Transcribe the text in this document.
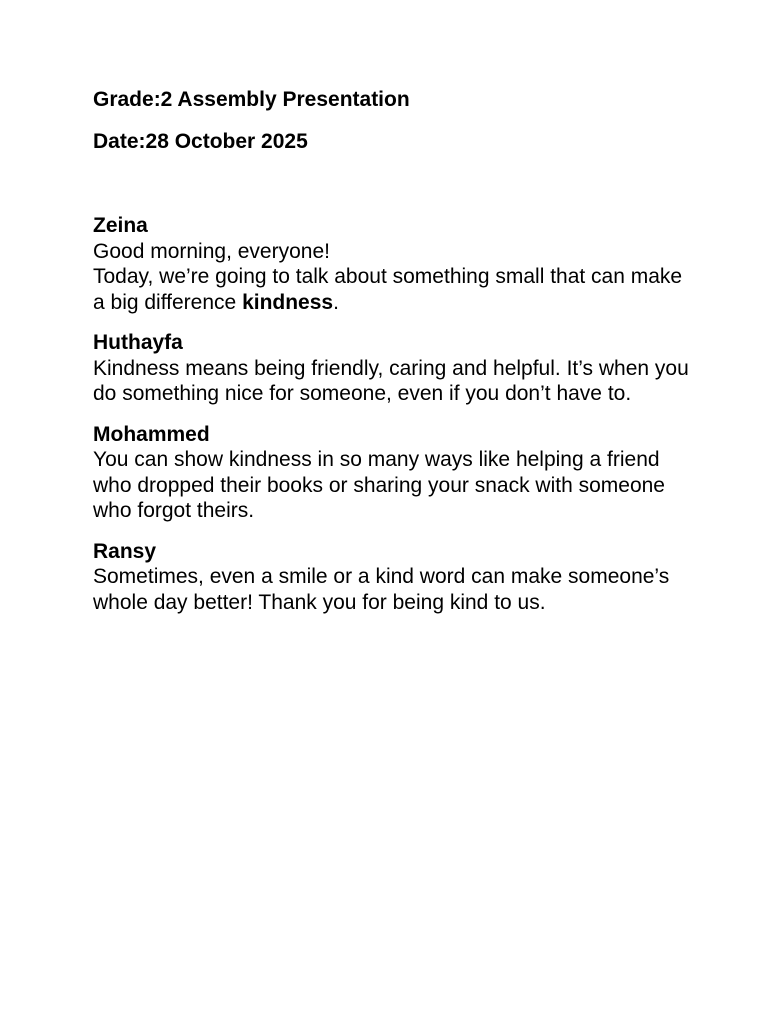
Grade:2 Assembly Presentation

Date:28 October 2025

Zeina

Good morning, everyone!

Today, we’re going to talk about something small that can make a big difference kindness.

Huthayfa

Kindness means being friendly, caring and helpful. It’s when you do something nice for someone, even if you don’t have to.

Mohammed

You can show kindness in so many ways like helping a friend who dropped their books or sharing your snack with someone who forgot theirs.

Ransy

Sometimes, even a smile or a kind word can make someone’s whole day better! Thank you for being kind to us.
